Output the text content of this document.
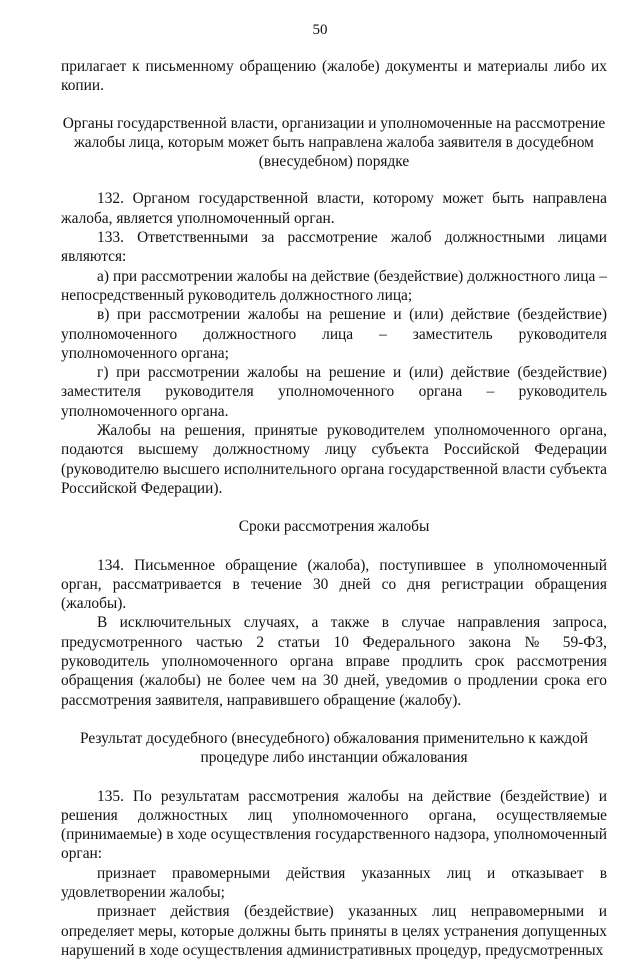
50

прилагает к письменному обращению (жалобе) документы и материалы либо их копии.

Органы государственной власти, организации и уполномоченные на рассмотрение жалобы лица, которым может быть направлена жалоба заявителя в досудебном (внесудебном) порядке

132. Органом государственной власти, которому может быть направлена жалоба, является уполномоченный орган.

133. Ответственными за рассмотрение жалоб должностными лицами являются:

а) при рассмотрении жалобы на действие (бездействие) должностного лица – непосредственный руководитель должностного лица;

в) при рассмотрении жалобы на решение и (или) действие (бездействие) уполномоченного должностного лица – заместитель руководителя уполномоченного органа;

г) при рассмотрении жалобы на решение и (или) действие (бездействие) заместителя руководителя уполномоченного органа – руководитель уполномоченного органа.

Жалобы на решения, принятые руководителем уполномоченного органа, подаются высшему должностному лицу субъекта Российской Федерации (руководителю высшего исполнительного органа государственной власти субъекта Российской Федерации).

Сроки рассмотрения жалобы

134. Письменное обращение (жалоба), поступившее в уполномоченный орган, рассматривается в течение 30 дней со дня регистрации обращения (жалобы).

В исключительных случаях, а также в случае направления запроса, предусмотренного частью 2 статьи 10 Федерального закона № 59-ФЗ, руководитель уполномоченного органа вправе продлить срок рассмотрения обращения (жалобы) не более чем на 30 дней, уведомив о продлении срока его рассмотрения заявителя, направившего обращение (жалобу).

Результат досудебного (внесудебного) обжалования применительно к каждой процедуре либо инстанции обжалования

135. По результатам рассмотрения жалобы на действие (бездействие) и решения должностных лиц уполномоченного органа, осуществляемые (принимаемые) в ходе осуществления государственного надзора, уполномоченный орган:

признает правомерными действия указанных лиц и отказывает в удовлетворении жалобы;

признает действия (бездействие) указанных лиц неправомерными и определяет меры, которые должны быть приняты в целях устранения допущенных нарушений в ходе осуществления административных процедур, предусмотренных
